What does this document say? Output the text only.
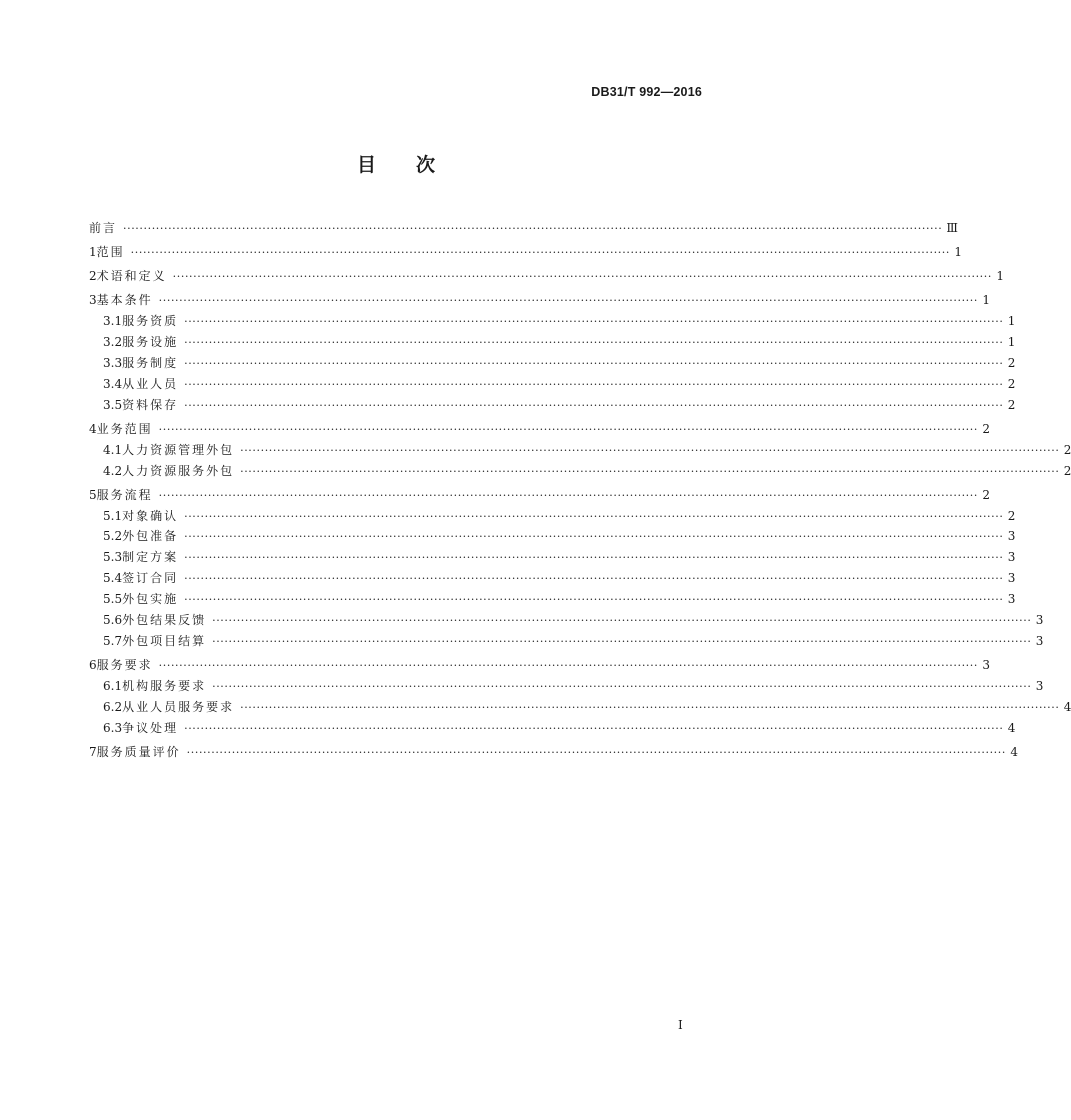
DB31/T 992—2016
目 次
前言 ········································································································································································································ Ⅲ
1 范围 ········································································································································································································ 1
2 术语和定义 ········································································································································································································ 1
3 基本条件 ········································································································································································································ 1
3.1 服务资质 ········································································································································································································ 1
3.2 服务设施 ········································································································································································································ 1
3.3 服务制度 ········································································································································································································ 2
3.4 从业人员 ········································································································································································································ 2
3.5 资料保存 ········································································································································································································ 2
4 业务范围 ········································································································································································································ 2
4.1 人力资源管理外包 ········································································································································································································ 2
4.2 人力资源服务外包 ········································································································································································································ 2
5 服务流程 ········································································································································································································ 2
5.1 对象确认 ········································································································································································································ 2
5.2 外包准备 ········································································································································································································ 3
5.3 制定方案 ········································································································································································································ 3
5.4 签订合同 ········································································································································································································ 3
5.5 外包实施 ········································································································································································································ 3
5.6 外包结果反馈 ········································································································································································································ 3
5.7 外包项目结算 ········································································································································································································ 3
6 服务要求 ········································································································································································································ 3
6.1 机构服务要求 ········································································································································································································ 3
6.2 从业人员服务要求 ········································································································································································································ 4
6.3 争议处理 ········································································································································································································ 4
7 服务质量评价 ········································································································································································································ 4
I
